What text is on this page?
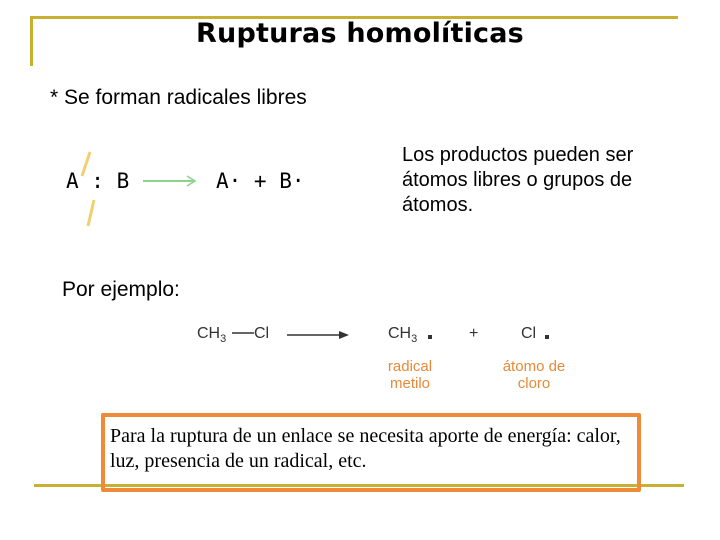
Rupturas homolíticas
* Se forman radicales libres
A : B → A· + B·
Los productos pueden ser átomos libres o grupos de átomos.
Por ejemplo:
$CH_3$ Cl	$CH_3$	+	Cl
radical
metilo
átomo de
cloro
Para la ruptura de un enlace se necesita aporte de energía: calor, luz, presencia de un radical, etc.
